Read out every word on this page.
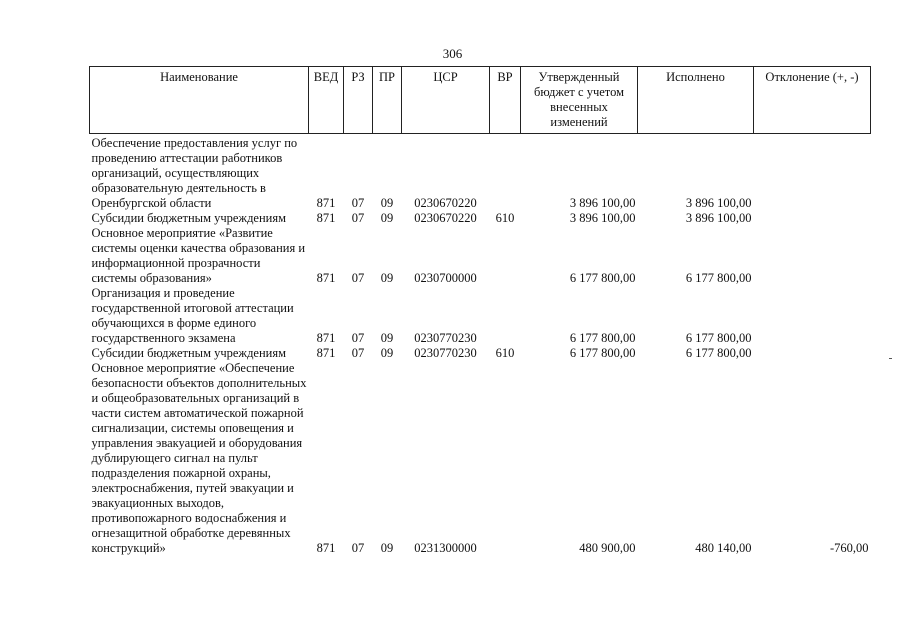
306
Наименование	ВЕД	РЗ	ПР	ЦСР	ВР	Утвержденный бюджет с учетом внесенных изменений	Исполнено	Отклонение (+, -)

Обеспечение предоставления услуг по проведению аттестации работников организаций, осуществляющих образовательную деятельность в Оренбургской области	871	07	09	0230670220		3 896 100,00	3 896 100,00	
Субсидии бюджетным учреждениям	871	07	09	0230670220	610	3 896 100,00	3 896 100,00	
Основное мероприятие «Развитие системы оценки качества образования и информационной прозрачности системы образования»	871	07	09	0230700000		6 177 800,00	6 177 800,00	
Организация и проведение государственной итоговой аттестации обучающихся в форме единого государственного экзамена	871	07	09	0230770230		6 177 800,00	6 177 800,00	
Субсидии бюджетным учреждениям	871	07	09	0230770230	610	6 177 800,00	6 177 800,00	
Основное мероприятие «Обеспечение безопасности объектов дополнительных и общеобразовательных организаций в части систем автоматической пожарной сигнализации, системы оповещения и управления эвакуацией и оборудования дублирующего сигнал на пульт подразделения пожарной охраны, электроснабжения, путей эвакуации и эвакуационных выходов, противопожарного водоснабжения и огнезащитной обработкe деревянных конструкций»	871	07	09	0231300000		480 900,00	480 140,00	-760,00
